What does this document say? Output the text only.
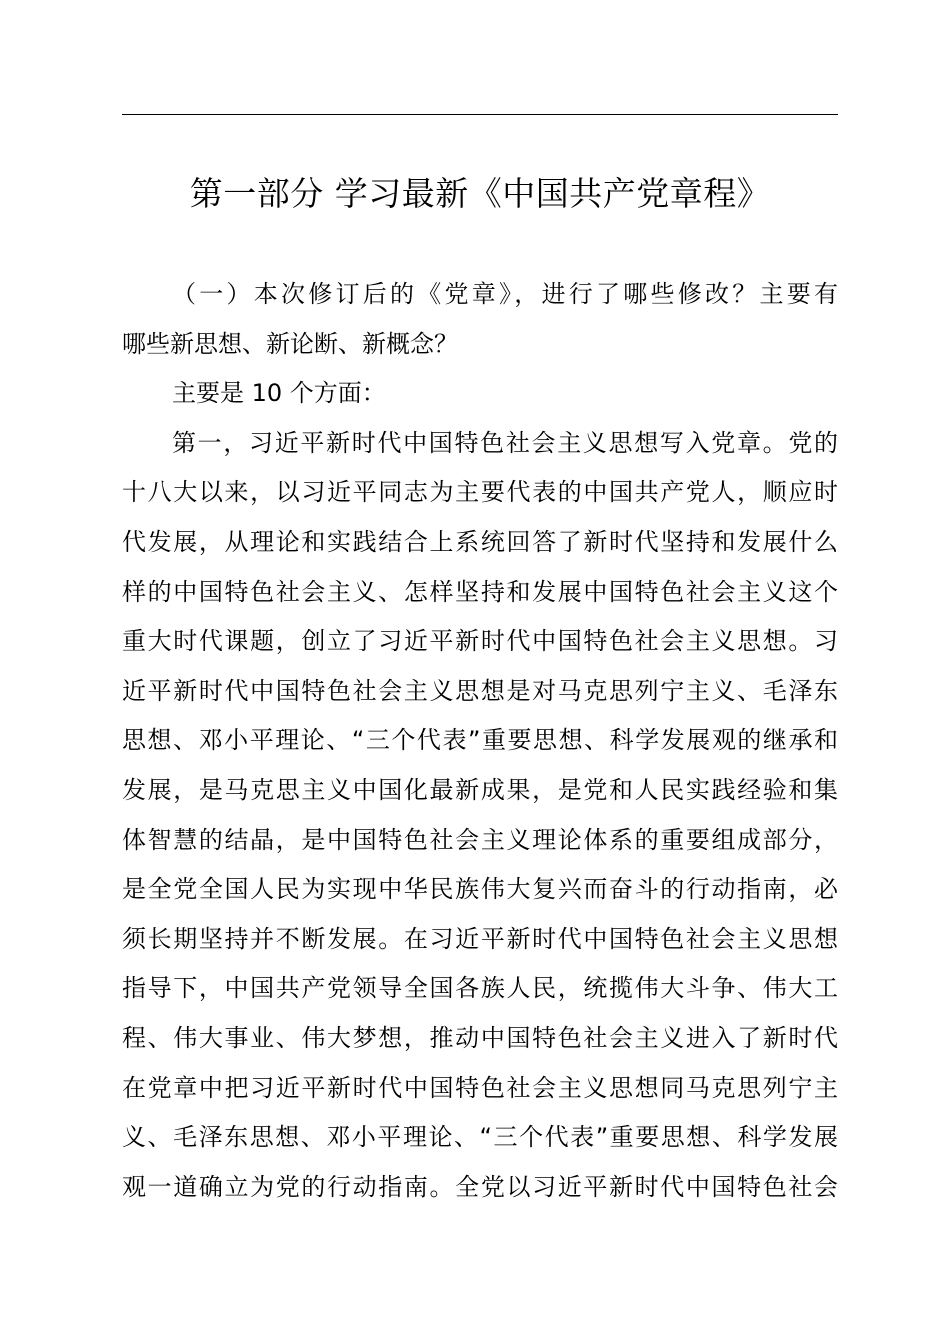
第一部分 学习最新《中国共产党章程》
（一）本次修订后的《党章》，进行了哪些修改？主要有
哪些新思想、新论断、新概念？
主要是 10 个方面：
第一，习近平新时代中国特色社会主义思想写入党章。党的
十八大以来，以习近平同志为主要代表的中国共产党人，顺应时
代发展，从理论和实践结合上系统回答了新时代坚持和发展什么
样的中国特色社会主义、怎样坚持和发展中国特色社会主义这个
重大时代课题，创立了习近平新时代中国特色社会主义思想。习
近平新时代中国特色社会主义思想是对马克思列宁主义、毛泽东
思想、邓小平理论、“三个代表”重要思想、科学发展观的继承和
发展，是马克思主义中国化最新成果，是党和人民实践经验和集
体智慧的结晶，是中国特色社会主义理论体系的重要组成部分，
是全党全国人民为实现中华民族伟大复兴而奋斗的行动指南，必
须长期坚持并不断发展。在习近平新时代中国特色社会主义思想
指导下，中国共产党领导全国各族人民，统揽伟大斗争、伟大工
程、伟大事业、伟大梦想，推动中国特色社会主义进入了新时代
在党章中把习近平新时代中国特色社会主义思想同马克思列宁主
义、毛泽东思想、邓小平理论、“三个代表”重要思想、科学发展
观一道确立为党的行动指南。全党以习近平新时代中国特色社会
